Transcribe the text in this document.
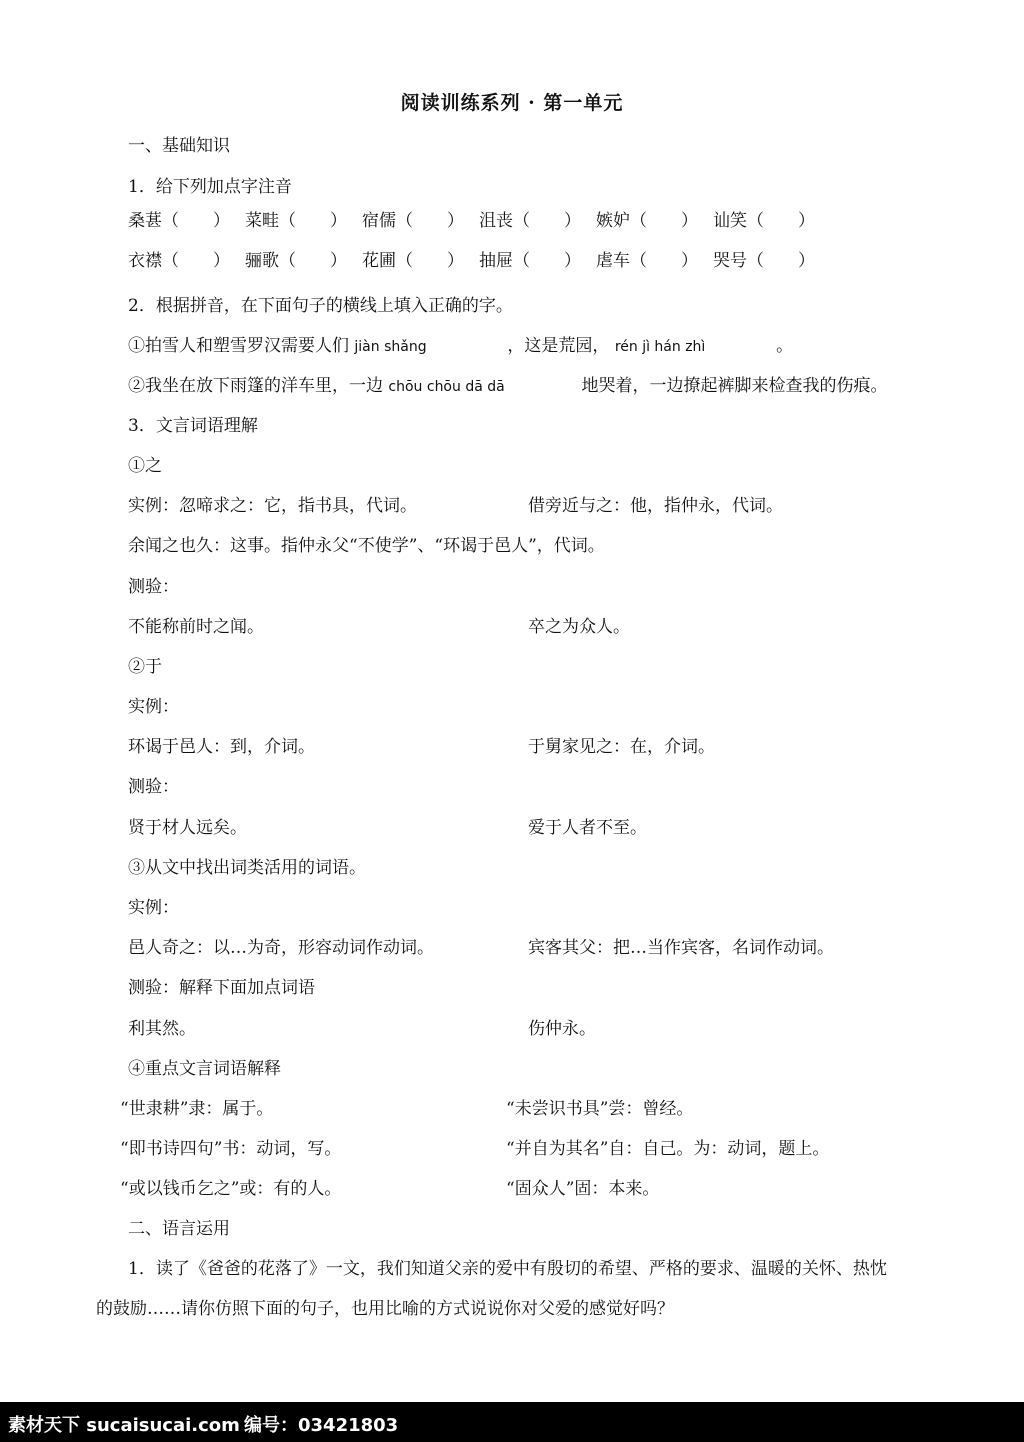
阅读训练系列 · 第一单元
一、基础知识
1．给下列加点字注音
桑葚（　　） 菜畦（　　） 宿儒（　　） 沮丧（　　） 嫉妒（　　） 讪笑（　　）
衣襟（　　） 骊歌（　　） 花圃（　　） 抽屉（　　） 虐车（　　） 哭号（　　）
2．根据拼音，在下面句子的横线上填入正确的字。
①拍雪人和塑雪罗汉需要人们 jiàn shǎng	，这是荒园， rén jì hán zhì	。
②我坐在放下雨篷的洋车里，一边 chōu chōu dā dā	地哭着，一边撩起裤脚来检查我的伤痕。
3．文言词语理解
①之
实例：忽啼求之：它，指书具，代词。	借旁近与之：他，指仲永，代词。
余闻之也久：这事。指仲永父“不使学”、“环谒于邑人”，代词。
测验：
不能称前时之闻。	卒之为众人。
②于
实例：
环谒于邑人：到，介词。	于舅家见之：在，介词。
测验：
贤于材人远矣。	爱于人者不至。
③从文中找出词类活用的词语。
实例：
邑人奇之：以…为奇，形容动词作动词。	宾客其父：把…当作宾客，名词作动词。
测验：解释下面加点词语
利其然。	伤仲永。
④重点文言词语解释
“世隶耕”隶：属于。	“未尝识书具”尝：曾经。
“即书诗四句”书：动词，写。	“并自为其名”自：自己。为：动词，题上。
“或以钱币乞之”或：有的人。	“固众人”固：本来。
二、语言运用
1．读了《爸爸的花落了》一文，我们知道父亲的爱中有殷切的希望、严格的要求、温暖的关怀、热忱
的鼓励……请你仿照下面的句子，也用比喻的方式说说你对父爱的感觉好吗？
素材天下 sucaisucai.com 编号：03421803
